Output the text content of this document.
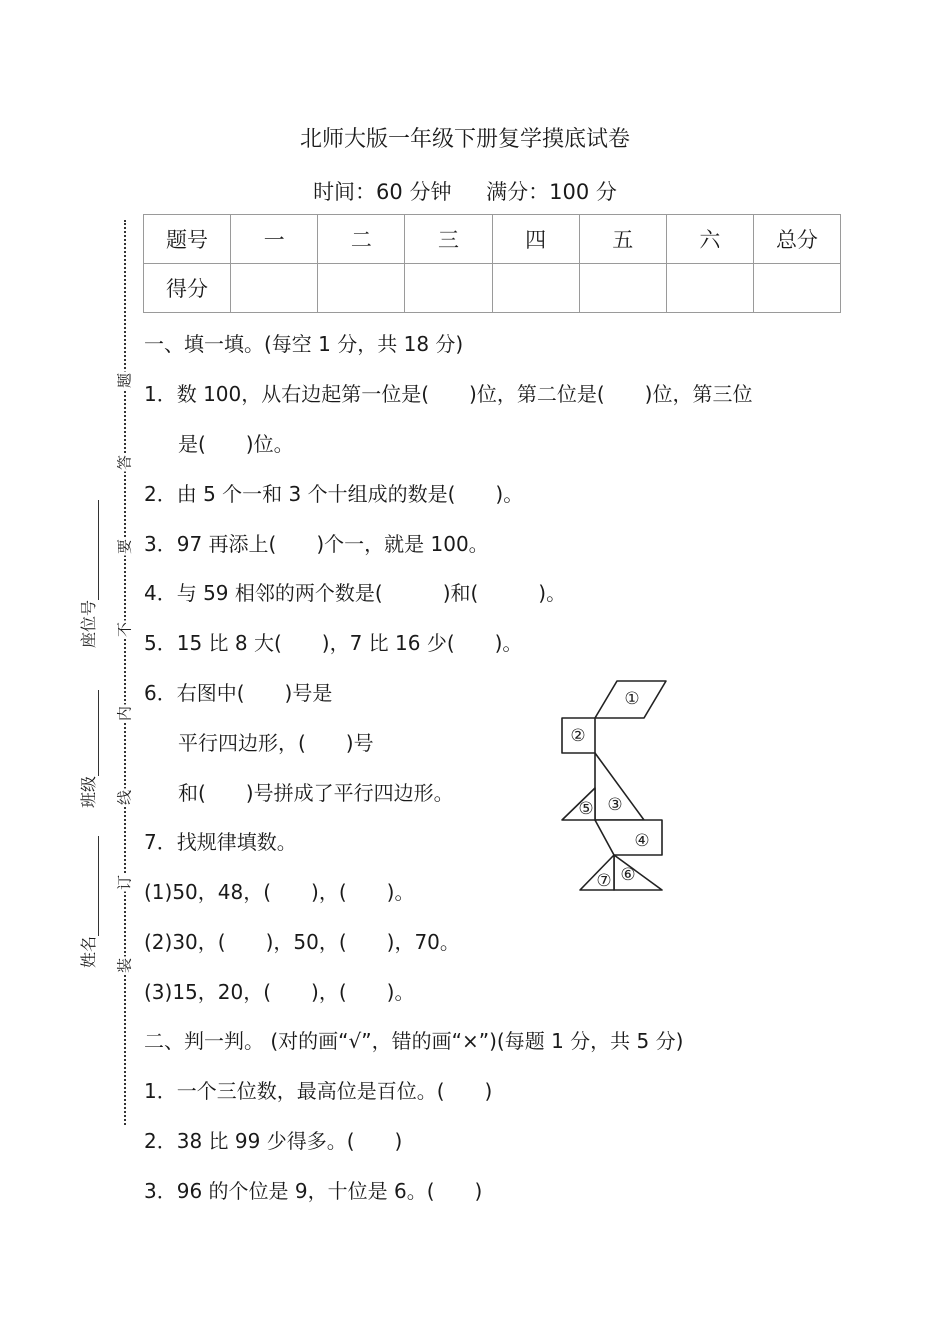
北师大版一年级下册复学摸底试卷
时间：60 分钟 满分：100 分
题号	一	二	三	四	五	六	总分
得分							
题
答
要
不
内
线
订
装
座位号
班级
姓名
一、填一填。(每空 1 分，共 18 分)
1．数 100，从右边起第一位是(　　)位，第二位是(　　)位，第三位
是(　　)位。
2．由 5 个一和 3 个十组成的数是(　　)。
3．97 再添上(　　)个一，就是 100。
4．与 59 相邻的两个数是(　　　)和(　　　)。
5．15 比 8 大(　　)，7 比 16 少(　　)。
6．右图中(　　)号是
平行四边形，(　　)号
和(　　)号拼成了平行四边形。
7．找规律填数。
(1)50，48，(　　)，(　　)。
(2)30，(　　)，50，(　　)，70。
(3)15，20，(　　)，(　　)。
①
②
③
④
⑤
⑥
⑦
二、判一判。 (对的画“√”，错的画“×”)(每题 1 分，共 5 分)
1．一个三位数，最高位是百位。(　　)
2．38 比 99 少得多。(　　)
3．96 的个位是 9，十位是 6。(　　)
